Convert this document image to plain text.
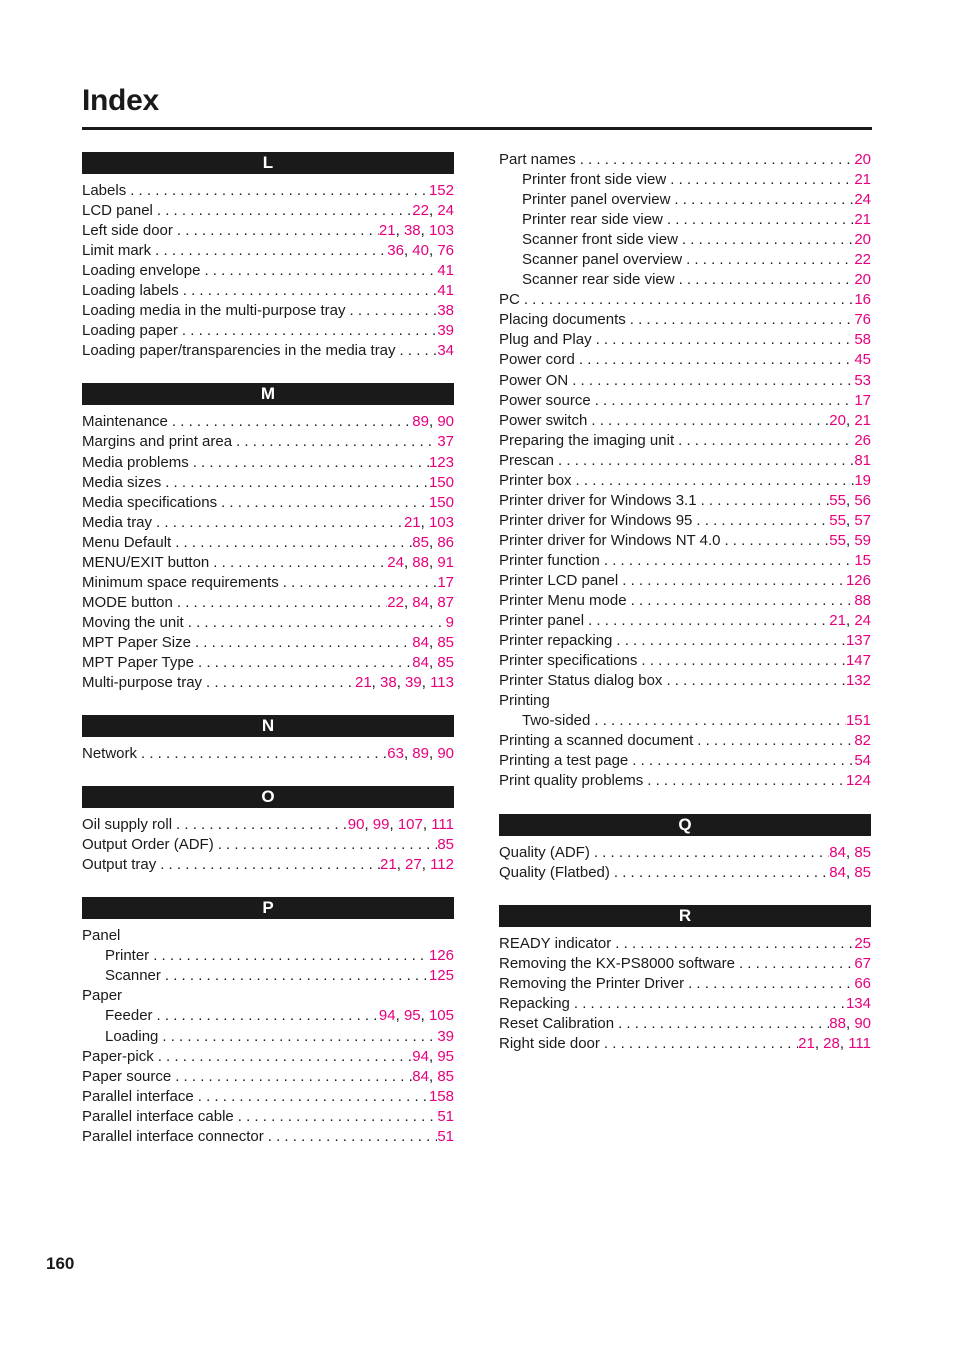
Index
L
Labels . . .	152
LCD panel . . .	22, 24
Left side door . . .	21, 38, 103
Limit mark . . .	36, 40, 76
Loading envelope . . .	41
Loading labels . . .	41
Loading media in the multi-purpose tray . . .	38
Loading paper . . .	39
Loading paper/transparencies in the media tray . . .	34
M
Maintenance . . .	89, 90
Margins and print area . . .	37
Media problems . . .	123
Media sizes . . .	150
Media specifications . . .	150
Media tray . . .	21, 103
Menu Default . . .	85, 86
MENU/EXIT button . . .	24, 88, 91
Minimum space requirements . . .	17
MODE button . . .	22, 84, 87
Moving the unit . . .	9
MPT Paper Size . . .	84, 85
MPT Paper Type . . .	84, 85
Multi-purpose tray . . .	21, 38, 39, 113
N
Network . . .	63, 89, 90
O
Oil supply roll . . .	90, 99, 107, 111
Output Order (ADF) . . .	85
Output tray . . .	21, 27, 112
P
Panel
Printer . . .	126
Scanner . . .	125
Paper
Feeder . . .	94, 95, 105
Loading . . .	39
Paper-pick . . .	94, 95
Paper source . . .	84, 85
Parallel interface . . .	158
Parallel interface cable . . .	51
Parallel interface connector . . .	51
Part names . . .	20
Printer front side view . . .	21
Printer panel overview . . .	24
Printer rear side view . . .	21
Scanner front side view . . .	20
Scanner panel overview . . .	22
Scanner rear side view . . .	20
PC . . .	16
Placing documents . . .	76
Plug and Play . . .	58
Power cord . . .	45
Power ON . . .	53
Power source . . .	17
Power switch . . .	20, 21
Preparing the imaging unit . . .	26
Prescan . . .	81
Printer box . . .	19
Printer driver for Windows 3.1 . . .	55, 56
Printer driver for Windows 95 . . .	55, 57
Printer driver for Windows NT 4.0 . . .	55, 59
Printer function . . .	15
Printer LCD panel . . .	126
Printer Menu mode . . .	88
Printer panel . . .	21, 24
Printer repacking . . .	137
Printer specifications . . .	147
Printer Status dialog box . . .	132
Printing
Two-sided . . .	151
Printing a scanned document . . .	82
Printing a test page . . .	54
Print quality problems . . .	124
Q
Quality (ADF) . . .	84, 85
Quality (Flatbed) . . .	84, 85
R
READY indicator . . .	25
Removing the KX-PS8000 software . . .	67
Removing the Printer Driver . . .	66
Repacking . . .	134
Reset Calibration . . .	88, 90
Right side door . . .	21, 28, 111
160
